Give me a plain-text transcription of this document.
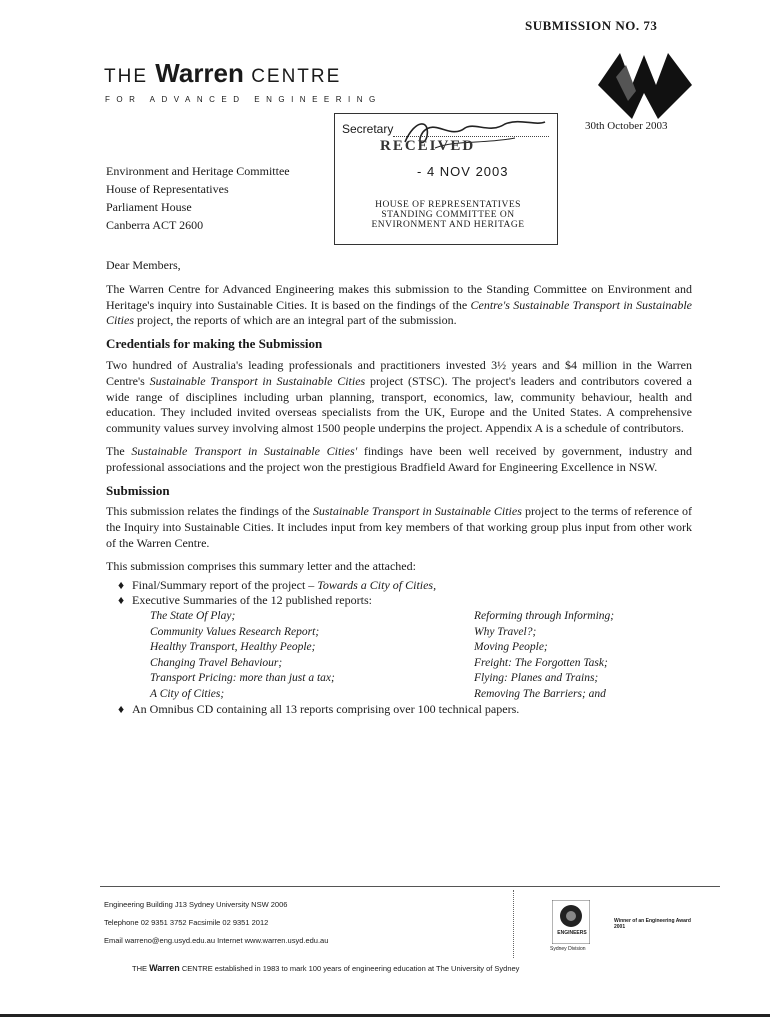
SUBMISSION NO. 73
THE Warren CENTRE
FOR ADVANCED ENGINEERING
30th October 2003
Secretary
RECEIVED
- 4 NOV 2003
HOUSE OF REPRESENTATIVES
STANDING COMMITTEE ON
ENVIRONMENT AND HERITAGE
Environment and Heritage Committee
House of Representatives
Parliament House
Canberra ACT 2600

Dear Members,

The Warren Centre for Advanced Engineering makes this submission to the Standing Committee on Environment and Heritage's inquiry into Sustainable Cities. It is based on the findings of the Centre's Sustainable Transport in Sustainable Cities project, the reports of which are an integral part of the submission.

Credentials for making the Submission

Two hundred of Australia's leading professionals and practitioners invested 3½ years and $4 million in the Warren Centre's Sustainable Transport in Sustainable Cities project (STSC). The project's leaders and contributors covered a wide range of disciplines including urban planning, transport, economics, law, community behaviour, health and education. They included invited overseas specialists from the UK, Europe and the United States. A comprehensive community values survey involving almost 1500 people underpins the project. Appendix A is a schedule of contributors.

The Sustainable Transport in Sustainable Cities' findings have been well received by government, industry and professional associations and the project won the prestigious Bradfield Award for Engineering Excellence in NSW.

Submission

This submission relates the findings of the Sustainable Transport in Sustainable Cities project to the terms of reference of the Inquiry into Sustainable Cities. It includes input from key members of that working group plus input from other work of the Warren Centre.

This submission comprises this summary letter and the attached:

♦ Final/Summary report of the project – Towards a City of Cities,
♦ Executive Summaries of the 12 published reports:
The State Of Play;	Reforming through Informing;
Community Values Research Report;	Why Travel?;
Healthy Transport, Healthy People;	Moving People;
Changing Travel Behaviour;	Freight: The Forgotten Task;
Transport Pricing: more than just a tax;	Flying: Planes and Trains;
A City of Cities;	Removing The Barriers; and
♦ An Omnibus CD containing all 13 reports comprising over 100 technical papers.
Engineering Building J13 Sydney University NSW 2006
Telephone 02 9351 3752 Facsimile 02 9351 2012
Email warreno@eng.usyd.edu.au Internet www.warren.usyd.edu.au
ENGINEERS
Sydney Division
Winner of an Engineering Award 2001
THE Warren CENTRE established in 1983 to mark 100 years of engineering education at The University of Sydney
